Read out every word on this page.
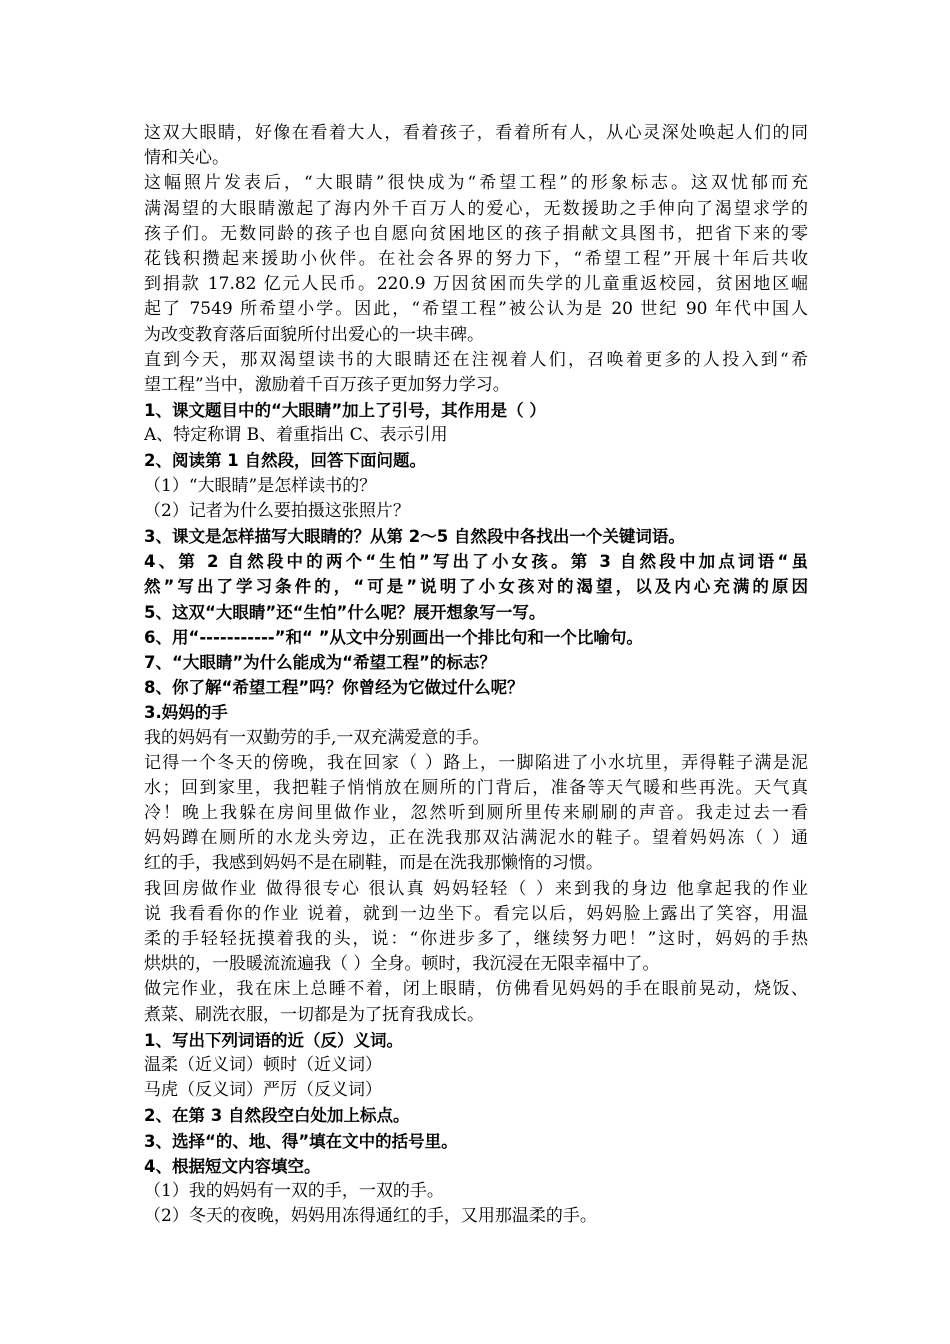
这双大眼睛，好像在看着大人，看着孩子，看着所有人，从心灵深处唤起人们的同
情和关心。
这幅照片发表后，“大眼睛”很快成为“希望工程”的形象标志。这双忧郁而充
满渴望的大眼睛激起了海内外千百万人的爱心，无数援助之手伸向了渴望求学的
孩子们。无数同龄的孩子也自愿向贫困地区的孩子捐献文具图书，把省下来的零
花钱积攒起来援助小伙伴。在社会各界的努力下，“希望工程”开展十年后共收
到捐款 17.82 亿元人民币。220.9 万因贫困而失学的儿童重返校园，贫困地区崛
起了 7549 所希望小学。因此，“希望工程”被公认为是 20 世纪 90 年代中国人
为改变教育落后面貌所付出爱心的一块丰碑。
直到今天，那双渴望读书的大眼睛还在注视着人们，召唤着更多的人投入到“希
望工程”当中，激励着千百万孩子更加努力学习。
1、课文题目中的“大眼睛”加上了引号，其作用是（ ）
A、特定称谓 B、着重指出 C、表示引用
2、阅读第 1 自然段，回答下面问题。
（1）“大眼睛”是怎样读书的？
（2）记者为什么要拍摄这张照片？
3、课文是怎样描写大眼睛的？从第 2～5 自然段中各找出一个关键词语。
4、第 2 自然段中的两个“生怕”写出了小女孩。第 3 自然段中加点词语“虽
然”写出了学习条件的，“可是”说明了小女孩对的渴望，以及内心充满的原因
5、这双“大眼睛”还“生怕”什么呢？展开想象写一写。
6、用“-----------”和“ ”从文中分别画出一个排比句和一个比喻句。
7、“大眼睛”为什么能成为“希望工程”的标志？
8、你了解“希望工程”吗？你曾经为它做过什么呢？
3.妈妈的手
我的妈妈有一双勤劳的手,一双充满爱意的手。
记得一个冬天的傍晚，我在回家（ ）路上，一脚陷进了小水坑里，弄得鞋子满是泥
水；回到家里，我把鞋子悄悄放在厕所的门背后，准备等天气暖和些再洗。天气真
冷！晚上我躲在房间里做作业，忽然听到厕所里传来刷刷的声音。我走过去一看
妈妈蹲在厕所的水龙头旁边，正在洗我那双沾满泥水的鞋子。望着妈妈冻（ ）通
红的手，我感到妈妈不是在刷鞋，而是在洗我那懒惰的习惯。
我回房做作业 做得很专心 很认真 妈妈轻轻（ ）来到我的身边 他拿起我的作业
说 我看看你的作业 说着，就到一边坐下。看完以后，妈妈脸上露出了笑容，用温
柔的手轻轻抚摸着我的头，说：“你进步多了，继续努力吧！”这时，妈妈的手热
烘烘的，一股暖流流遍我（ ）全身。顿时，我沉浸在无限幸福中了。
做完作业，我在床上总睡不着，闭上眼睛，仿佛看见妈妈的手在眼前晃动，烧饭、
煮菜、刷洗衣服，一切都是为了抚育我成长。
1、写出下列词语的近（反）义词。
温柔（近义词）顿时（近义词）
马虎（反义词）严厉（反义词）
2、在第 3 自然段空白处加上标点。
3、选择“的、地、得”填在文中的括号里。
4、根据短文内容填空。
（1）我的妈妈有一双的手，一双的手。
（2）冬天的夜晚，妈妈用冻得通红的手，又用那温柔的手。
